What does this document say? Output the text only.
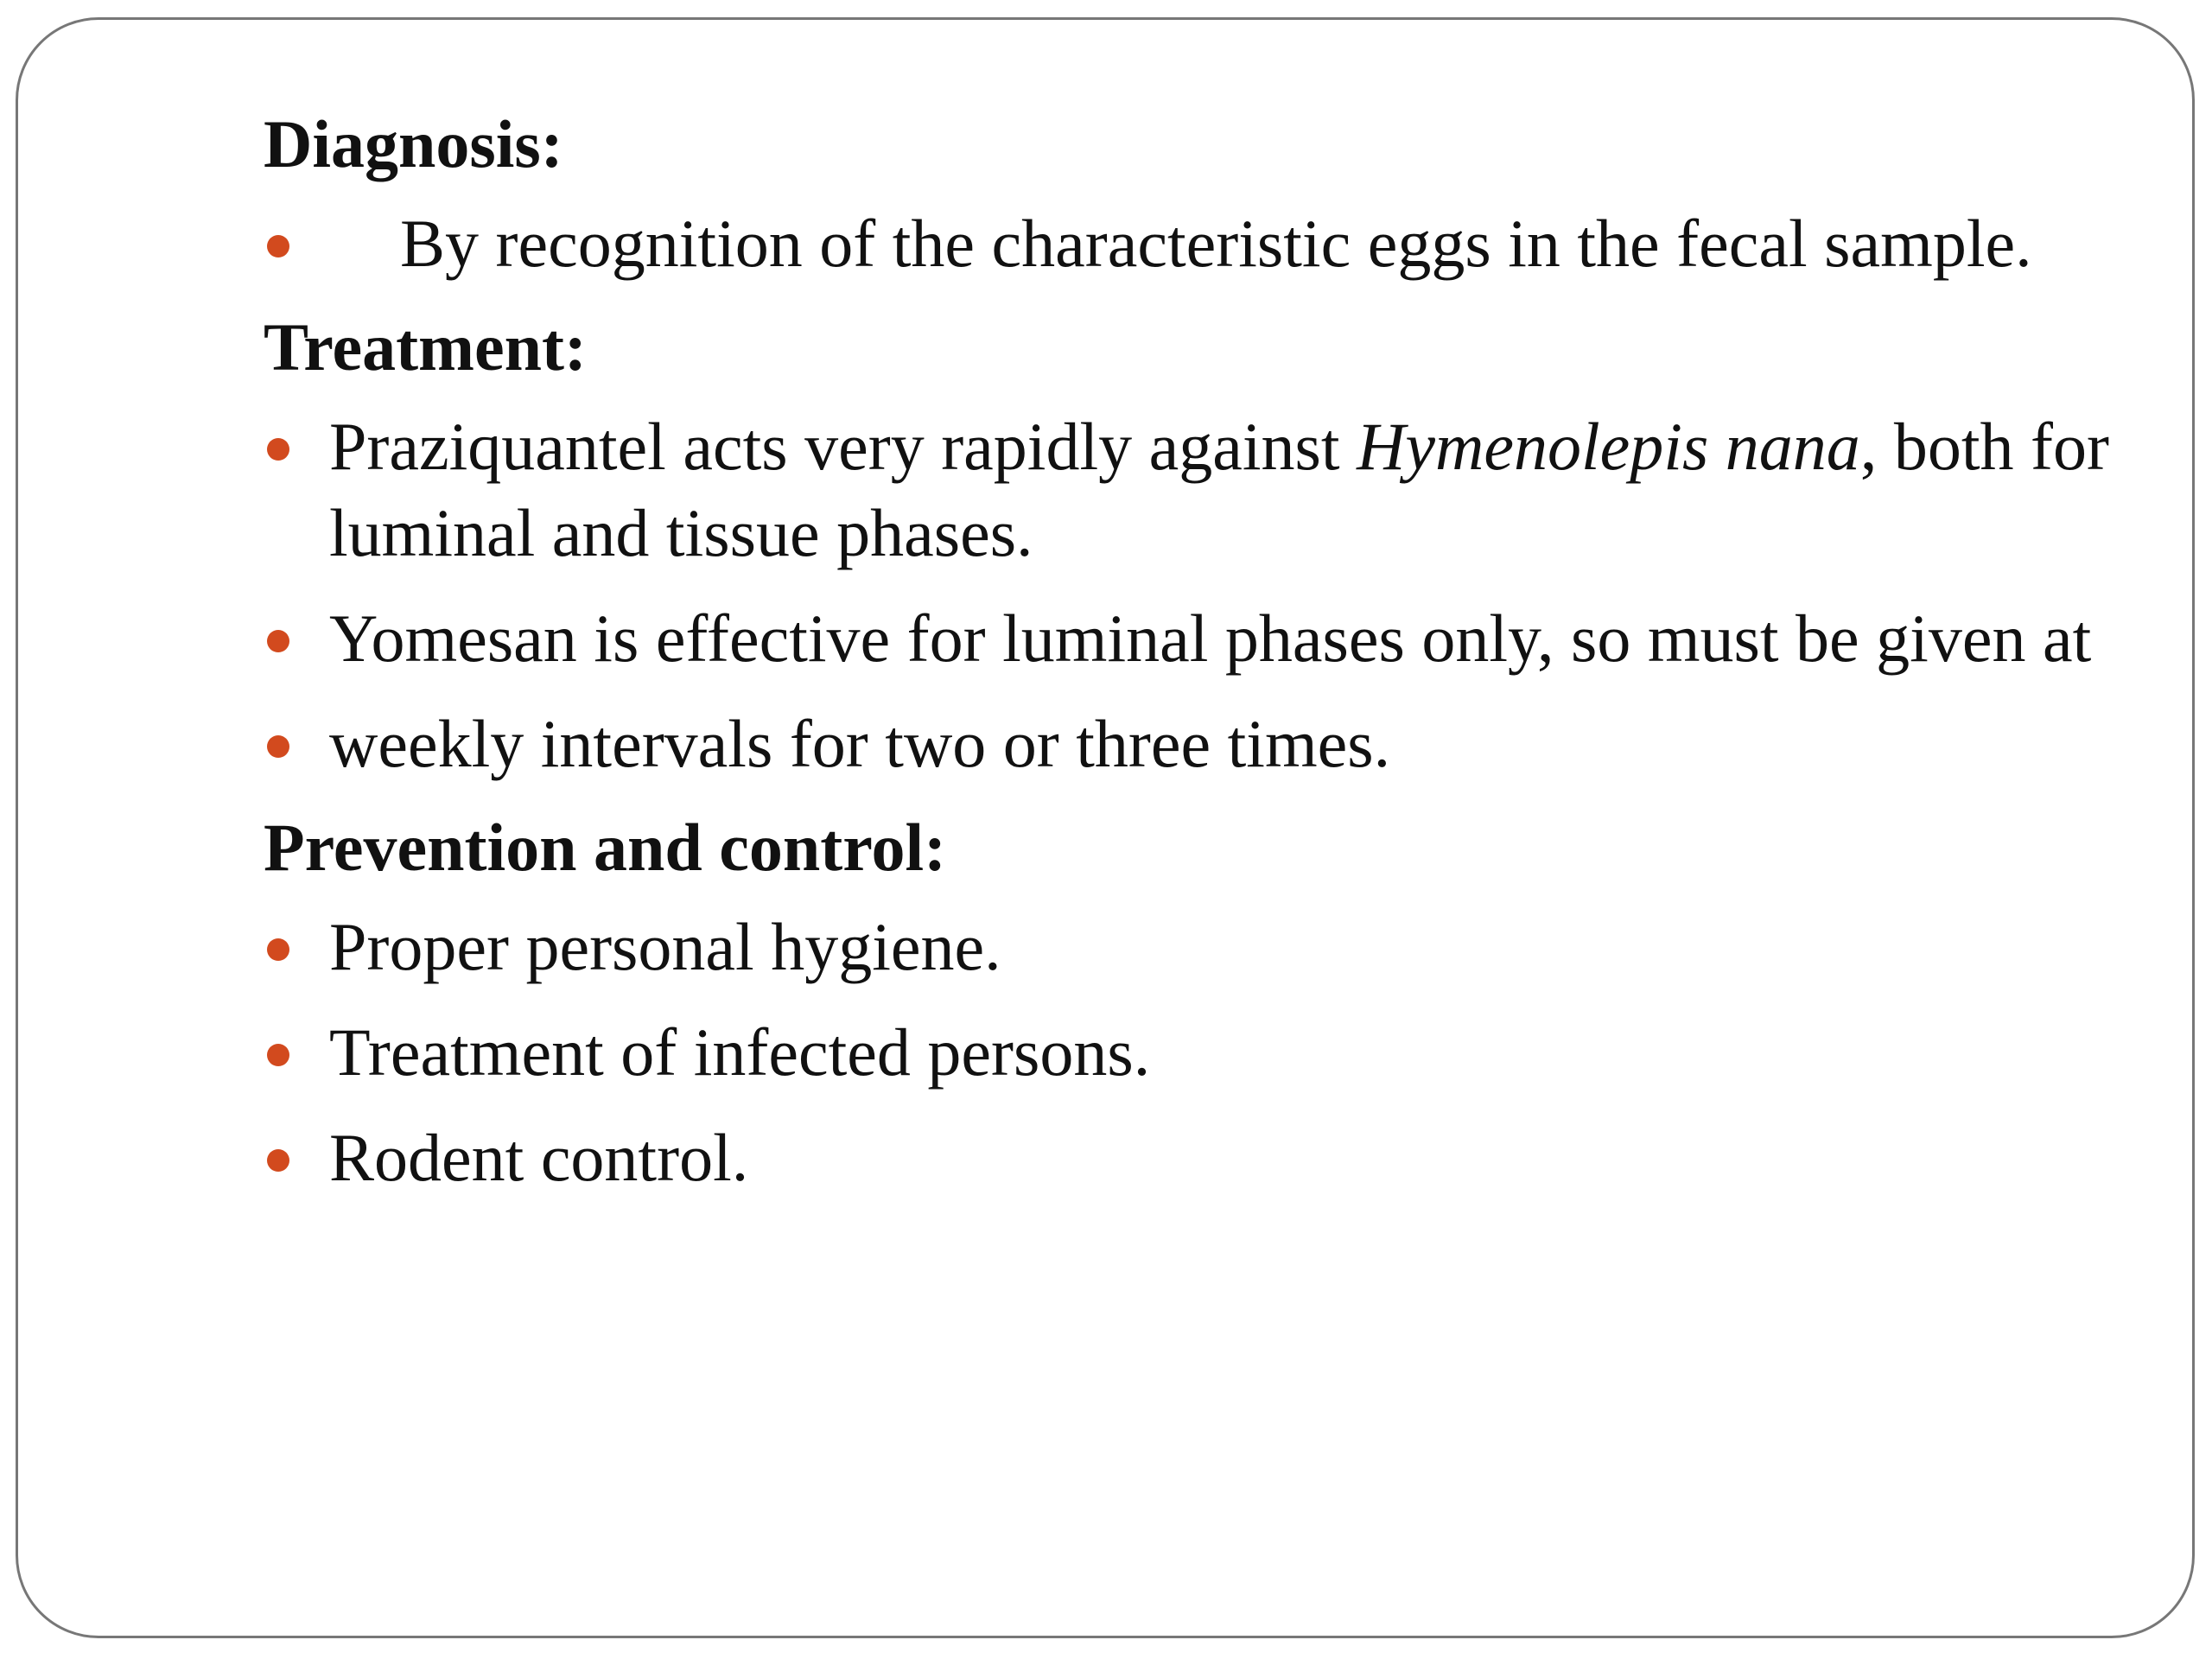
Diagnosis:
By recognition of the characteristic eggs in the fecal sample.
Treatment:
Praziquantel acts very rapidly against Hymenolepis nana, both for luminal and tissue phases.
Yomesan is effective for luminal phases only, so must be given at
weekly intervals for two or three times.
Prevention and control:
Proper personal hygiene.
Treatment of infected persons.
Rodent control.
